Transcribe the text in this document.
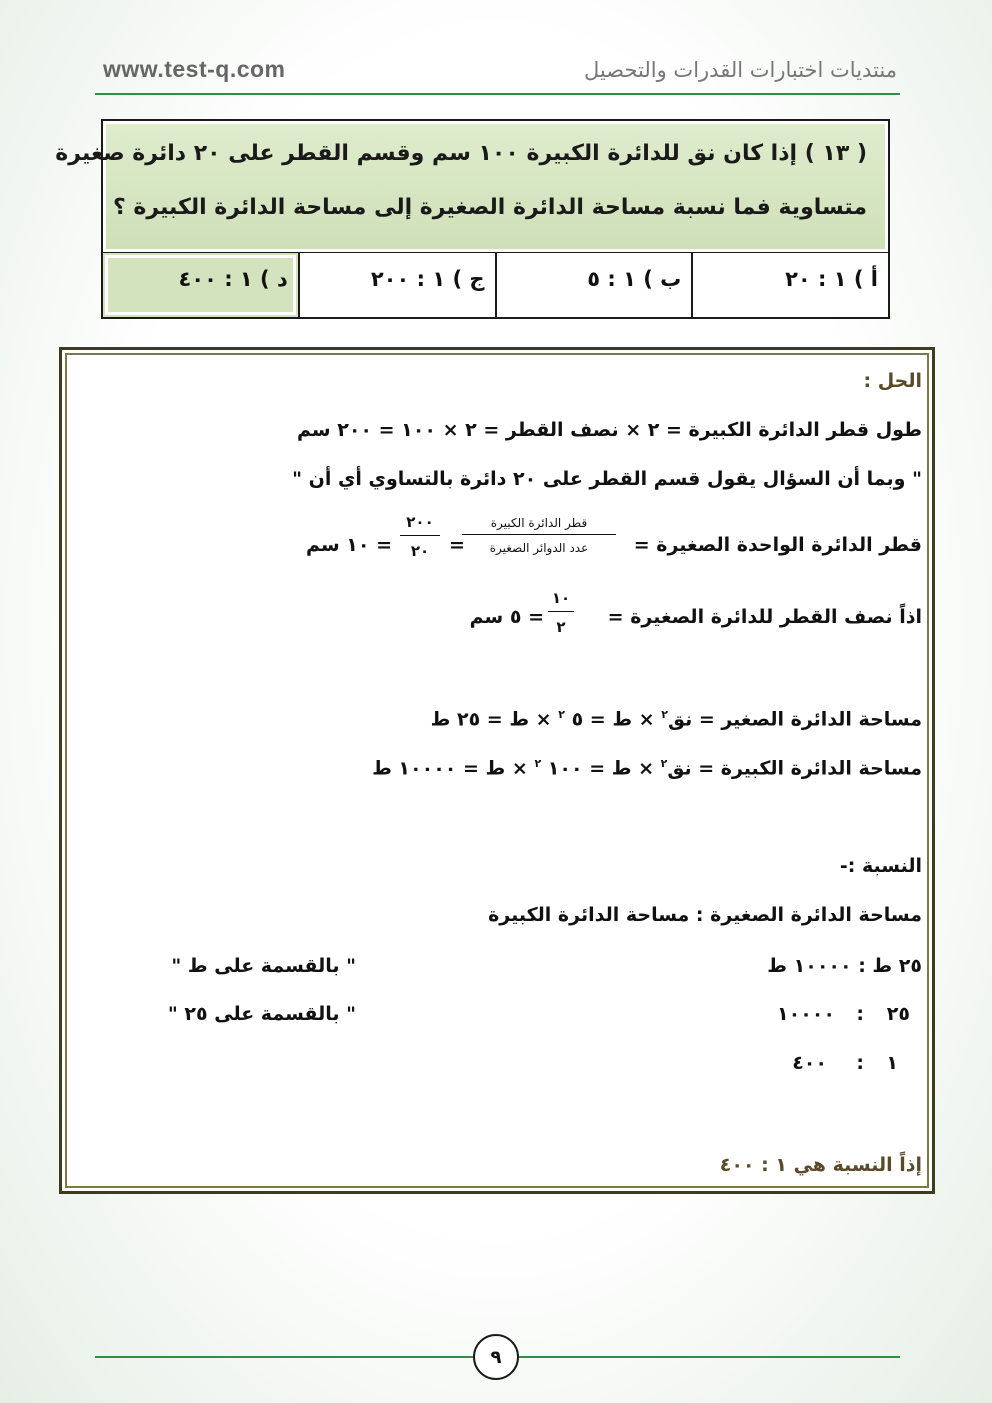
www.test-q.com	منتديات اختبارات القدرات والتحصيل
( ١٣ ) إذا كان نق للدائرة الكبيرة ١٠٠ سم وقسم القطر على ٢٠ دائرة صغيرة
متساوية فما نسبة مساحة الدائرة الصغيرة إلى مساحة الدائرة الكبيرة ؟
أ ) ١ : ٢٠
ب ) ١ : ٥
ج ) ١ : ٢٠٠
د ) ١ : ٤٠٠
الحل :
طول قطر الدائرة الكبيرة = ٢ × نصف القطر = ٢ × ١٠٠ = ٢٠٠ سم
" وبما أن السؤال يقول قسم القطر على ٢٠ دائرة بالتساوي أي أن "
قطر الدائرة الواحدة الصغيرة =
قطر الدائرة الكبيرة
عدد الدوائر الصغيرة
=
٢٠٠
٢٠
= ١٠ سم
اذاً نصف القطر للدائرة الصغيرة =
١٠
٢
= ٥ سم
مساحة الدائرة الصغير = نق$^٢$ × ط = ٥ $^٢$ × ط = ٢٥ ط
مساحة الدائرة الكبيرة = نق$^٢$ × ط = ١٠٠ $^٢$ × ط = ١٠٠٠٠ ط
النسبة :-
مساحة الدائرة الصغيرة : مساحة الدائرة الكبيرة
٢٥ ط : ١٠٠٠٠ ط
" بالقسمة على ط "
٢٥
:
١٠٠٠٠
" بالقسمة على ٢٥ "
١
:
٤٠٠
إذاً النسبة هي ١ : ٤٠٠
٩
